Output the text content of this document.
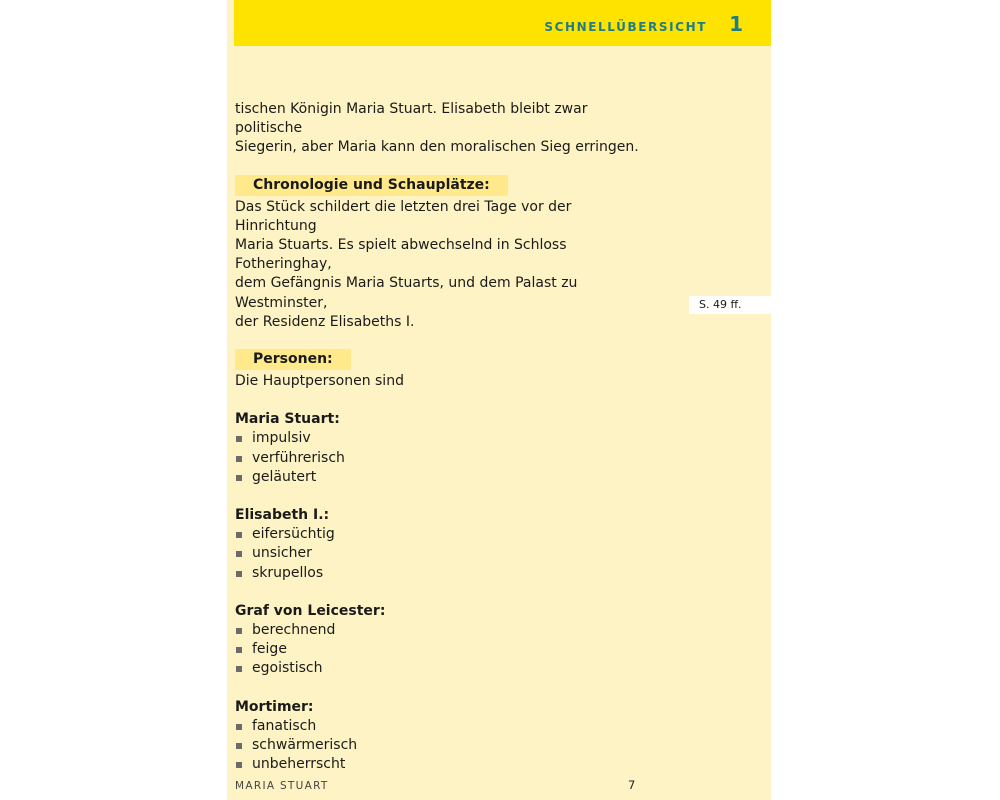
SCHNELLÜBERSICHT 1

tischen Königin Maria Stuart. Elisabeth bleibt zwar politische

Siegerin, aber Maria kann den moralischen Sieg erringen.

Chronologie und Schauplätze:

Das Stück schildert die letzten drei Tage vor der Hinrichtung

Maria Stuarts. Es spielt abwechselnd in Schloss Fotheringhay,

dem Gefängnis Maria Stuarts, und dem Palast zu Westminster,

der Residenz Elisabeths I.

Personen:

Die Hauptpersonen sind

Maria Stuart:

impulsiv
verführerisch
geläutert

Elisabeth I.:

eifersüchtig
unsicher
skrupellos

Graf von Leicester:

berechnend
feige
egoistisch

Mortimer:

fanatisch
schwärmerisch
unbeherrscht
S. 49 ff.
MARIA STUART	7
